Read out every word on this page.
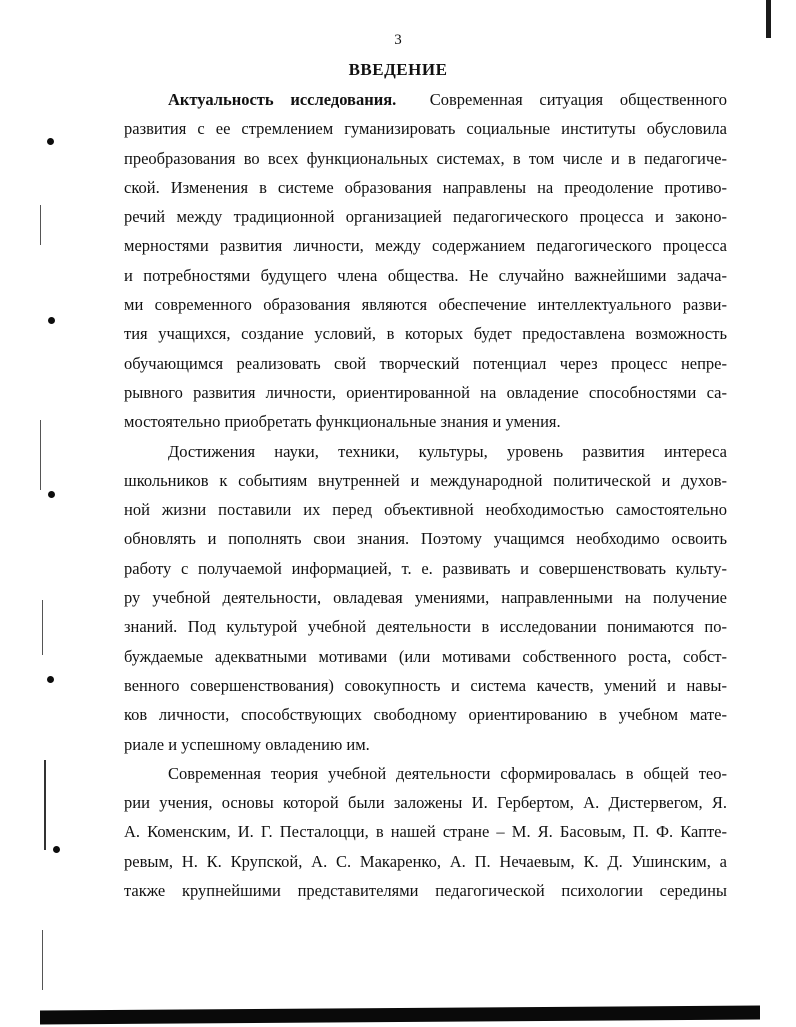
3
ВВЕДЕНИЕ
Актуальность исследования. Современная ситуация общественного
развития с ее стремлением гуманизировать социальные институты обусловила
преобразования во всех функциональных системах, в том числе и в педагогиче-
ской. Изменения в системе образования направлены на преодоление противо-
речий между традиционной организацией педагогического процесса и законо-
мерностями развития личности, между содержанием педагогического процесса
и потребностями будущего члена общества. Не случайно важнейшими задача-
ми современного образования являются обеспечение интеллектуального разви-
тия учащихся, создание условий, в которых будет предоставлена возможность
обучающимся реализовать свой творческий потенциал через процесс непре-
рывного развития личности, ориентированной на овладение способностями са-
мостоятельно приобретать функциональные знания и умения.
Достижения науки, техники, культуры, уровень развития интереса
школьников к событиям внутренней и международной политической и духов-
ной жизни поставили их перед объективной необходимостью самостоятельно
обновлять и пополнять свои знания. Поэтому учащимся необходимо освоить
работу с получаемой информацией, т. е. развивать и совершенствовать культу-
ру учебной деятельности, овладевая умениями, направленными на получение
знаний. Под культурой учебной деятельности в исследовании понимаются по-
буждаемые адекватными мотивами (или мотивами собственного роста, собст-
венного совершенствования) совокупность и система качеств, умений и навы-
ков личности, способствующих свободному ориентированию в учебном мате-
риале и успешному овладению им.
Современная теория учебной деятельности сформировалась в общей тео-
рии учения, основы которой были заложены И. Гербертом, А. Дистервегом, Я.
А. Коменским, И. Г. Песталоцци, в нашей стране – М. Я. Басовым, П. Ф. Капте-
ревым, Н. К. Крупской, А. С. Макаренко, А. П. Нечаевым, К. Д. Ушинским, а
также крупнейшими представителями педагогической психологии середины
